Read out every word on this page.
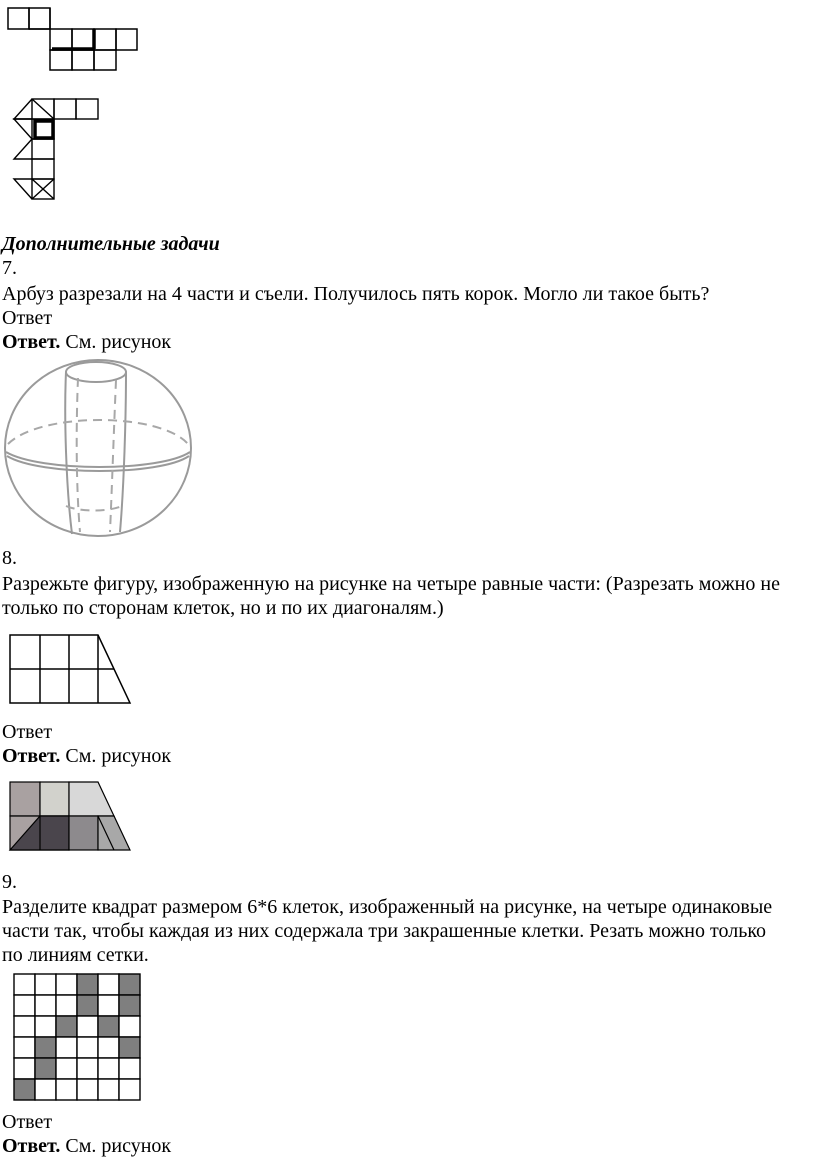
Дополнительные задачи
7.
Арбуз разрезали на 4 части и съели. Получилось пять корок. Могло ли такое быть?
Ответ
Ответ. См. рисунок
8.
Разрежьте фигуру, изображенную на рисунке на четыре равные части: (Разрезать можно не
только по сторонам клеток, но и по их диагоналям.)
Ответ
Ответ. См. рисунок
9.
Разделите квадрат размером 6*6 клеток, изображенный на рисунке, на четыре одинаковые
части так, чтобы каждая из них содержала три закрашенные клетки. Резать можно только
по линиям сетки.
Ответ
Ответ. См. рисунок
